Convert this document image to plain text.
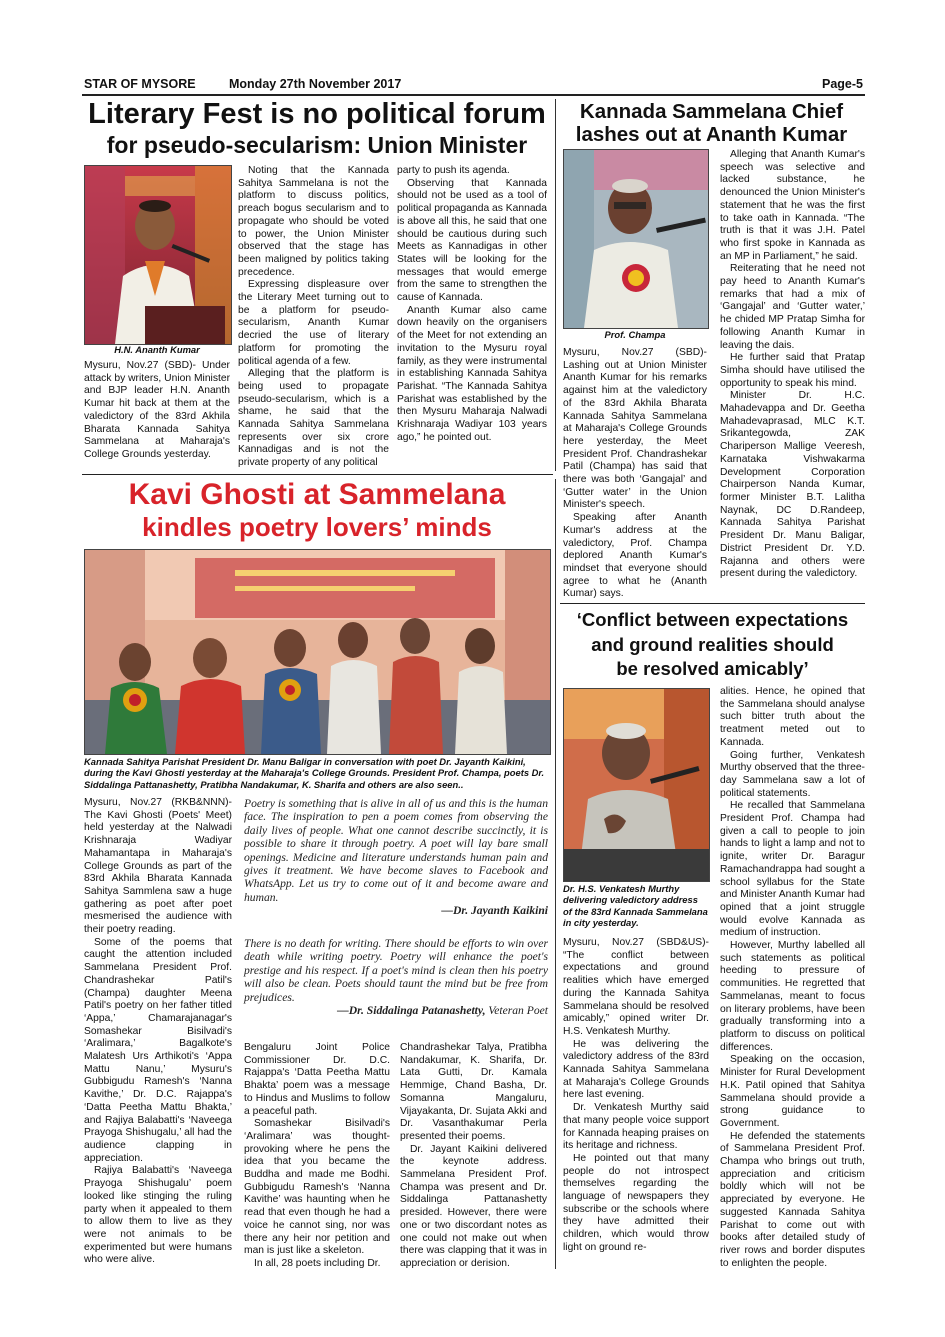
STAR OF MYSORE	Monday 27th November 2017	Page-5
Literary Fest is no political forum
for pseudo-secularism: Union Minister
H.N. Ananth Kumar

Mysuru, Nov.27 (SBD)- Under attack by writers, Union Minister and BJP leader H.N. Ananth Kumar hit back at them at the valedictory of the 83rd Akhila Bharata Kannada Sahitya Sammelana at Maharaja's College Grounds yesterday.

Noting that the Kannada Sahitya Sammelana is not the platform to discuss politics, preach bogus secularism and to propagate who should be voted to power, the Union Minister observed that the stage has been maligned by politics taking precedence.

Expressing displeasure over the Literary Meet turning out to be a platform for pseudo-secularism, Ananth Kumar decried the use of literary platform for promoting the political agenda of a few.

Alleging that the platform is being used to propagate pseudo-secularism, which is a shame, he said that the Kannada Sahitya Sammelana represents over six crore Kannadigas and is not the private property of any political

party to push its agenda.

Observing that Kannada should not be used as a tool of political propaganda as Kannada is above all this, he said that one should be cautious during such Meets as Kannadigas in other States will be looking for the messages that would emerge from the same to strengthen the cause of Kannada.

Ananth Kumar also came down heavily on the organisers of the Meet for not extending an invitation to the Mysuru royal family, as they were instrumental in establishing Kannada Sahitya Parishat. “The Kannada Sahitya Parishat was established by the then Mysuru Maharaja Nalwadi Krishnaraja Wadiyar 103 years ago,” he pointed out.

Kannada Sammelana Chief
lashes out at Ananth Kumar
Prof. Champa

Mysuru, Nov.27 (SBD)- Lashing out at Union Minister Ananth Kumar for his remarks against him at the valedictory of the 83rd Akhila Bharata Kannada Sahitya Sammelana at Maharaja's College Grounds here yesterday, the Meet President Prof. Chandrashekar Patil (Champa) has said that there was both ‘Gangajal’ and ‘Gutter water’ in the Union Minister's speech.

Speaking after Ananth Kumar's address at the valedictory, Prof. Champa deplored Ananth Kumar's mindset that everyone should agree to what he (Ananth Kumar) says.

Alleging that Ananth Kumar's speech was selective and lacked substance, he denounced the Union Minister's statement that he was the first to take oath in Kannada. “The truth is that it was J.H. Patel who first spoke in Kannada as an MP in Parliament,” he said.

Reiterating that he need not pay heed to Ananth Kumar's remarks that had a mix of ‘Gangajal’ and ‘Gutter water,’ he chided MP Pratap Simha for following Ananth Kumar in leaving the dais.

He further said that Pratap Simha should have utilised the opportunity to speak his mind.

Minister Dr. H.C. Mahadevappa and Dr. Geetha Mahadevaprasad, MLC K.T. Srikantegowda, ZAK Chariperson Mallige Veeresh, Karnataka Vishwakarma Development Corporation Chairperson Nanda Kumar, former Minister B.T. Lalitha Naynak, DC D.Randeep, Kannada Sahitya Parishat President Dr. Manu Baligar, District President Dr. Y.D. Rajanna and others were present during the valedictory.

Kavi Ghosti at Sammelana
kindles poetry lovers’ minds
Kannada Sahitya Parishat President Dr. Manu Baligar in conversation with poet Dr. Jayanth Kaikini, during the Kavi Ghosti yesterday at the Maharaja's College Grounds. President Prof. Champa, poets Dr. Siddalinga Pattanashetty, Pratibha Nandakumar, K. Sharifa and others are also seen..

Mysuru, Nov.27 (RKB&NNN)- The Kavi Ghosti (Poets' Meet) held yesterday at the Nalwadi Krishnaraja Wadiyar Mahamantapa in Maharaja's College Grounds as part of the 83rd Akhila Bharata Kannada Sahitya Sammlena saw a huge gathering as poet after poet mesmerised the audience with their poetry reading.

Some of the poems that caught the attention included Sammelana President Prof. Chandrashekar Patil's (Champa) daughter Meena Patil's poetry on her father titled ‘Appa,’ Chamarajanagar's Somashekar Bisilvadi's ‘Aralimara,’ Bagalkote's Malatesh Urs Arthikoti's ‘Appa Mattu Nanu,’ Mysuru's Gubbigudu Ramesh's ‘Nanna Kavithe,’ Dr. D.C. Rajappa's ‘Datta Peetha Mattu Bhakta,’ and Rajiya Balabatti's ‘Naveega Prayoga Shishugalu,’ all had the audience clapping in appreciation.

Rajiya Balabatti's ‘Naveega Prayoga Shishugalu’ poem looked like stinging the ruling party when it appealed to them to allow them to live as they were not animals to be experimented but were humans who were alive.

Poetry is something that is alive in all of us and this is the human face. The inspiration to pen a poem comes from observing the daily lives of people. What one cannot describe succinctly, it is possible to share it through poetry. A poet will lay bare small openings. Medicine and literature understands human pain and gives it treatment. We have become slaves to Facebook and WhatsApp. Let us try to come out of it and become aware and human.
—Dr. Jayanth Kaikini
There is no death for writing. There should be efforts to win over death while writing poetry. Poetry will enhance the poet's prestige and his respect. If a poet's mind is clean then his poetry will also be clean. Poets should taunt the mind but be free from prejudices.
—Dr. Siddalinga Patanashetty, Veteran Poet

Bengaluru Joint Police Commissioner Dr. D.C. Rajappa's ‘Datta Peetha Mattu Bhakta’ poem was a message to Hindus and Muslims to follow a peaceful path.

Somashekar Bisilvadi's ‘Aralimara’ was thought-provoking where he pens the idea that you became the Buddha and made me Bodhi. Gubbigudu Ramesh's ‘Nanna Kavithe’ was haunting when he read that even though he had a voice he cannot sing, nor was there any heir nor petition and man is just like a skeleton.

In all, 28 poets including Dr.

Chandrashekar Talya, Pratibha Nandakumar, K. Sharifa, Dr. Lata Gutti, Dr. Kamala Hemmige, Chand Basha, Dr. Somanna Mangaluru, Vijayakanta, Dr. Sujata Akki and Dr. Vasanthakumar Perla presented their poems.

Dr. Jayant Kaikini delivered the keynote address. Sammelana President Prof. Champa was present and Dr. Siddalinga Pattanashetty presided. However, there were one or two discordant notes as one could not make out when there was clapping that it was in appreciation or derision.

‘Conflict between expectations
and ground realities should
be resolved amicably’
Dr. H.S. Venkatesh Murthy delivering valedictory address of the 83rd Kannada Sammelana in city yesterday.

Mysuru, Nov.27 (SBD&US)- “The conflict between expectations and ground realities which have emerged during the Kannada Sahitya Sammelana should be resolved amicably,” opined writer Dr. H.S. Venkatesh Murthy.

He was delivering the valedictory address of the 83rd Kannada Sahitya Sammelana at Maharaja's College Grounds here last evening.

Dr. Venkatesh Murthy said that many people voice support for Kannada heaping praises on its heritage and richness.

He pointed out that many people do not introspect themselves regarding the language of newspapers they subscribe or the schools where they have admitted their children, which would throw light on ground re-

alities. Hence, he opined that the Sammelana should analyse such bitter truth about the treatment meted out to Kannada.

Going further, Venkatesh Murthy observed that the three-day Sammelana saw a lot of political statements.

He recalled that Sammelana President Prof. Champa had given a call to people to join hands to light a lamp and not to ignite, writer Dr. Baragur Ramachandrappa had sought a school syllabus for the State and Minister Ananth Kumar had opined that a joint struggle would evolve Kannada as medium of instruction.

However, Murthy labelled all such statements as political heeding to pressure of communities. He regretted that Sammelanas, meant to focus on literary problems, have been gradually transforming into a platform to discuss on political differences.

Speaking on the occasion, Minister for Rural Development H.K. Patil opined that Sahitya Sammelana should provide a strong guidance to Government.

He defended the statements of Sammelana President Prof. Champa who brings out truth, appreciation and criticism boldly which will not be appreciated by everyone. He suggested Kannada Sahitya Parishat to come out with books after detailed study of river rows and border disputes to enlighten the people.
